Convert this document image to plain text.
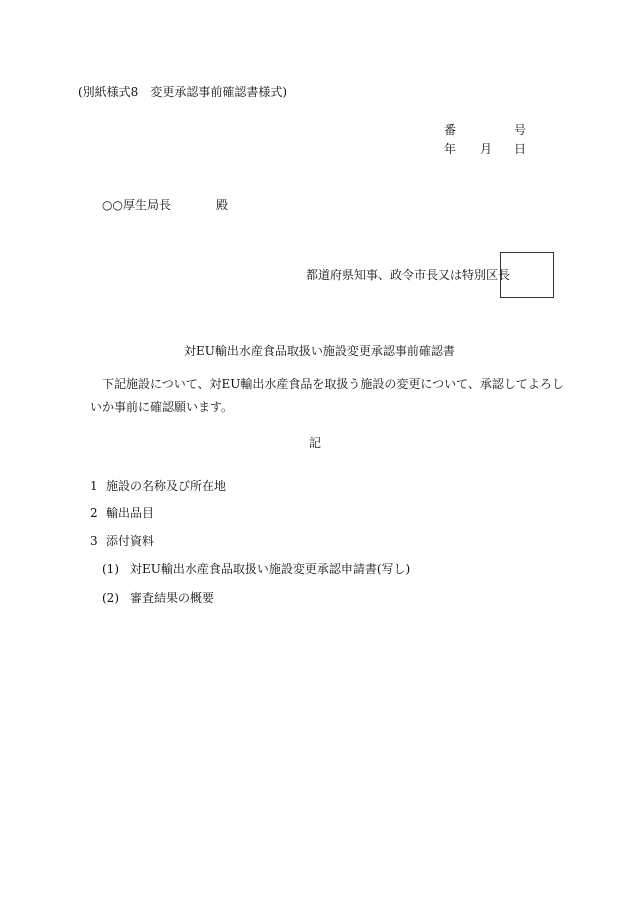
(別紙様式8　変更承認事前確認書様式)
番	号
年 月 日
○○厚生局長	殿
都道府県知事、政令市長又は特別区長
対EU輸出水産食品取扱い施設変更承認事前確認書
下記施設について、対EU輸出水産食品を取扱う施設の変更について、承認してよろし
いか事前に確認願います。
記
1 施設の名称及び所在地
2 輸出品目
3 添付資料
(1) 対EU輸出水産食品取扱い施設変更承認申請書(写し)
(2) 審査結果の概要
